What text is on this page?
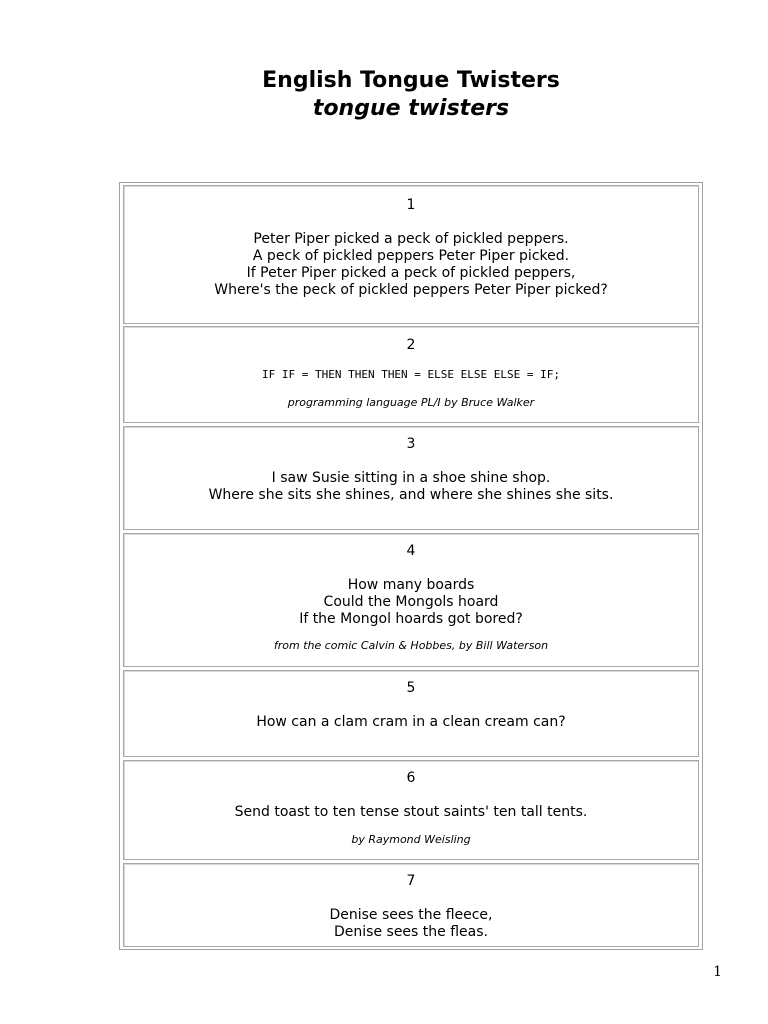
English Tongue Twisters
tongue twisters
1
Peter Piper picked a peck of pickled peppers.
A peck of pickled peppers Peter Piper picked.
If Peter Piper picked a peck of pickled peppers,
Where's the peck of pickled peppers Peter Piper picked?
2
IF IF = THEN THEN THEN = ELSE ELSE ELSE = IF;
programming language PL/I by Bruce Walker
3
I saw Susie sitting in a shoe shine shop.
Where she sits she shines, and where she shines she sits.
4
How many boards
Could the Mongols hoard
If the Mongol hoards got bored?
from the comic Calvin & Hobbes, by Bill Waterson
5
How can a clam cram in a clean cream can?
6
Send toast to ten tense stout saints' ten tall tents.
by Raymond Weisling
7
Denise sees the fleece,
Denise sees the fleas.
1
